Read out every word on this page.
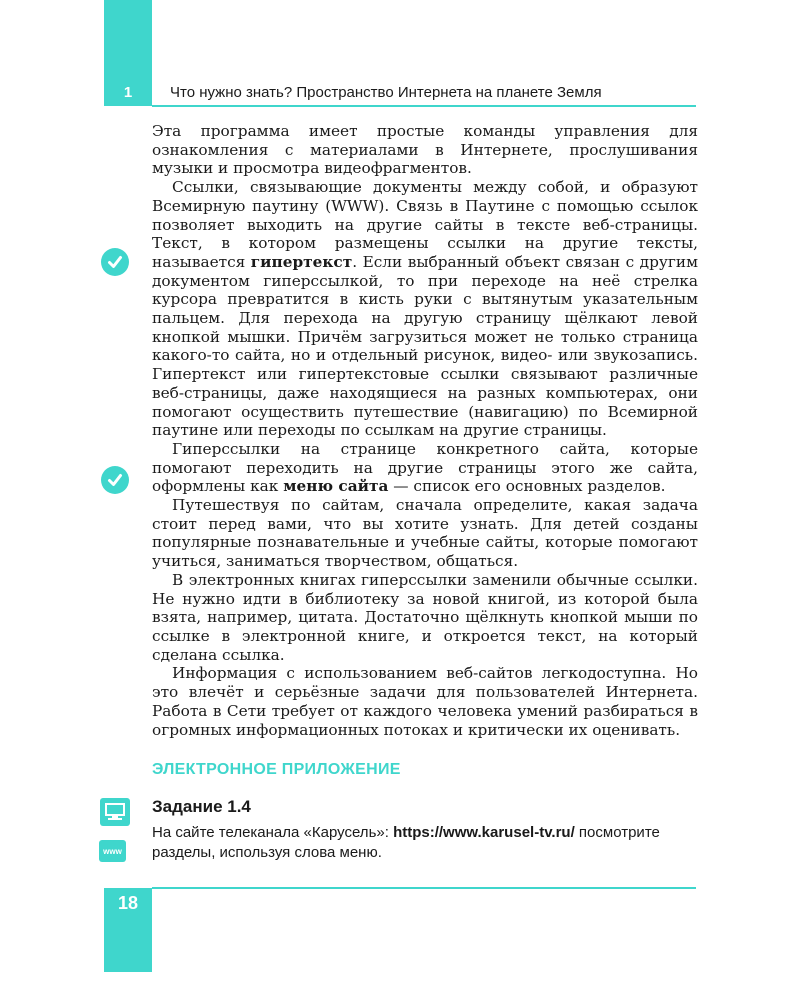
1	Что нужно знать? Пространство Интернета на планете Земля

Эта программа имеет простые команды управления для ознакомления с материалами в Интернете, прослушивания музыки и просмотра видеофрагментов.

Ссылки, связывающие документы между собой, и образуют Всемирную паутину (WWW). Связь в Паутине с помощью ссылок позволяет выходить на другие сайты в тексте веб-страницы. Текст, в котором размещены ссылки на другие тексты, называется гипертекст. Если выбранный объект связан с другим документом гиперссылкой, то при переходе на неё стрелка курсора превратится в кисть руки с вытянутым указательным пальцем. Для перехода на другую страницу щёлкают левой кнопкой мышки. Причём загрузиться может не только страница какого-то сайта, но и отдельный рисунок, видео- или звукозапись. Гипертекст или гипертекстовые ссылки связывают различные веб-страницы, даже находящиеся на разных компьютерах, они помогают осуществить путешествие (навигацию) по Всемирной паутине или переходы по ссылкам на другие страницы.

Гиперссылки на странице конкретного сайта, которые помогают переходить на другие страницы этого же сайта, оформлены как меню сайта — список его основных разделов.

Путешествуя по сайтам, сначала определите, какая задача стоит перед вами, что вы хотите узнать. Для детей созданы популярные познавательные и учебные сайты, которые помогают учиться, заниматься творчеством, общаться.

В электронных книгах гиперссылки заменили обычные ссылки. Не нужно идти в библиотеку за новой книгой, из которой была взята, например, цитата. Достаточно щёлкнуть кнопкой мыши по ссылке в электронной книге, и откроется текст, на который сделана ссылка.

Информация с использованием веб-сайтов легкодоступна. Но это влечёт и серьёзные задачи для пользователей Интернета. Работа в Сети требует от каждого человека умений разбираться в огромных информационных потоках и критически их оценивать.

ЭЛЕКТРОННОЕ ПРИЛОЖЕНИЕ
Задание 1.4
www
На сайте телеканала «Карусель»: https://www.karusel-tv.ru/ посмотрите разделы, используя слова меню.
18
